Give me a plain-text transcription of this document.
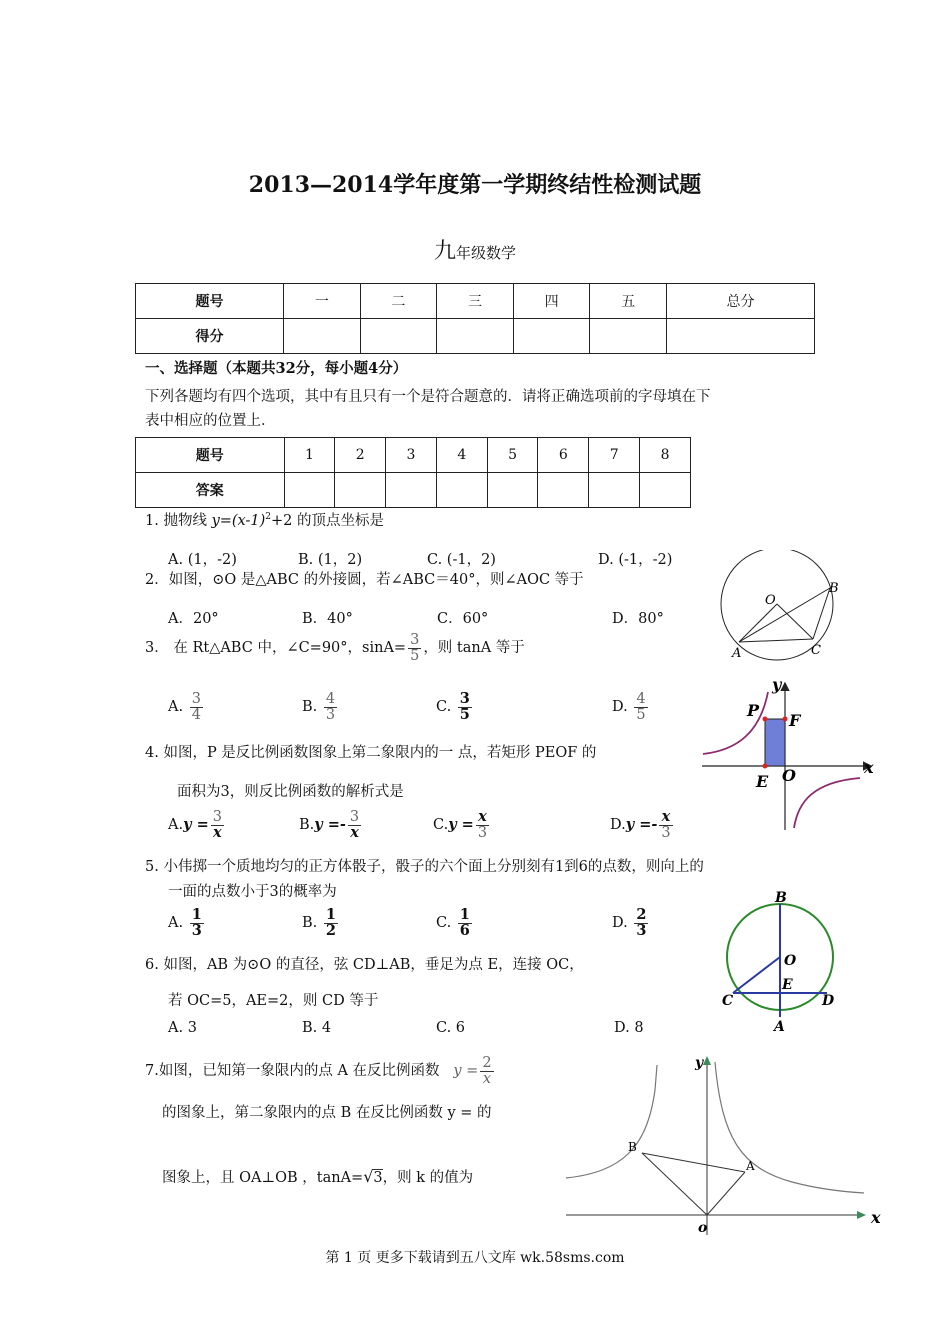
2013—2014学年度第一学期终结性检测试题
九年级数学
题号	一	二	三	四	五	总分
得分						
一、选择题（本题共32分，每小题4分）
下列各题均有四个选项，其中有且只有一个是符合题意的．请将正确选项前的字母填在下
表中相应的位置上．
题号	1	2	3	4	5	6	7	8
答案								
1. 抛物线 $y=(x-1)^2+2$ 的顶点坐标是
A. (1，-2)	B. (1，2)	C. (-1，2)	D. (-1，-2)
2．如图，⊙O 是△ABC 的外接圆，若∠ABC＝40°，则∠AOC 等于
A．20°	B．40°	C．60°	D．80°
O
B
A	C
3． 在 Rt△ABC 中，∠C=90°，$\sin A= \frac{3}{5}$ ，则 tanA 等于
A. $\frac{3}{4}$	B. $\frac{4}{3}$	C. $\frac{3}{5}$	D. $\frac{4}{5}$
y
P
F
E O	x
4. 如图，P 是反比例函数图象上第二象限内的一 点，若矩形 PEOF 的
面积为3，则反比例函数的解析式是
$A.y = \frac{3}{x}$	$B.y =- \frac{3}{x}$	$C.y = \frac{x}{3}$	$D.y =- \frac{x}{3}$
5. 小伟掷一个质地均匀的正方体骰子，骰子的六个面上分别刻有1到6的点数，则向上的
一面的点数小于3的概率为
A. $\frac{1}{3}$	B. $\frac{1}{2}$	C. $\frac{1}{6}$	D. $\frac{2}{3}$
B
O
E
C	D
A
6. 如图，AB 为⊙O 的直径，弦 CD⊥AB，垂足为点 E，连接 OC，
若 OC=5，AE=2，则 CD 等于
A. 3	B. 4	C. 6	D. 8
7.如图，已知第一象限内的点 A 在反比例函数 $y = \frac{2}{x}$
的图象上，第二象限内的点 B 在反比例函数 y = 的
图象上，且 OA⊥OB ，tanA=√3，则 k 的值为
y
B
A
o
x
第 1 页 更多下载请到五八文库 wk.58sms.com
